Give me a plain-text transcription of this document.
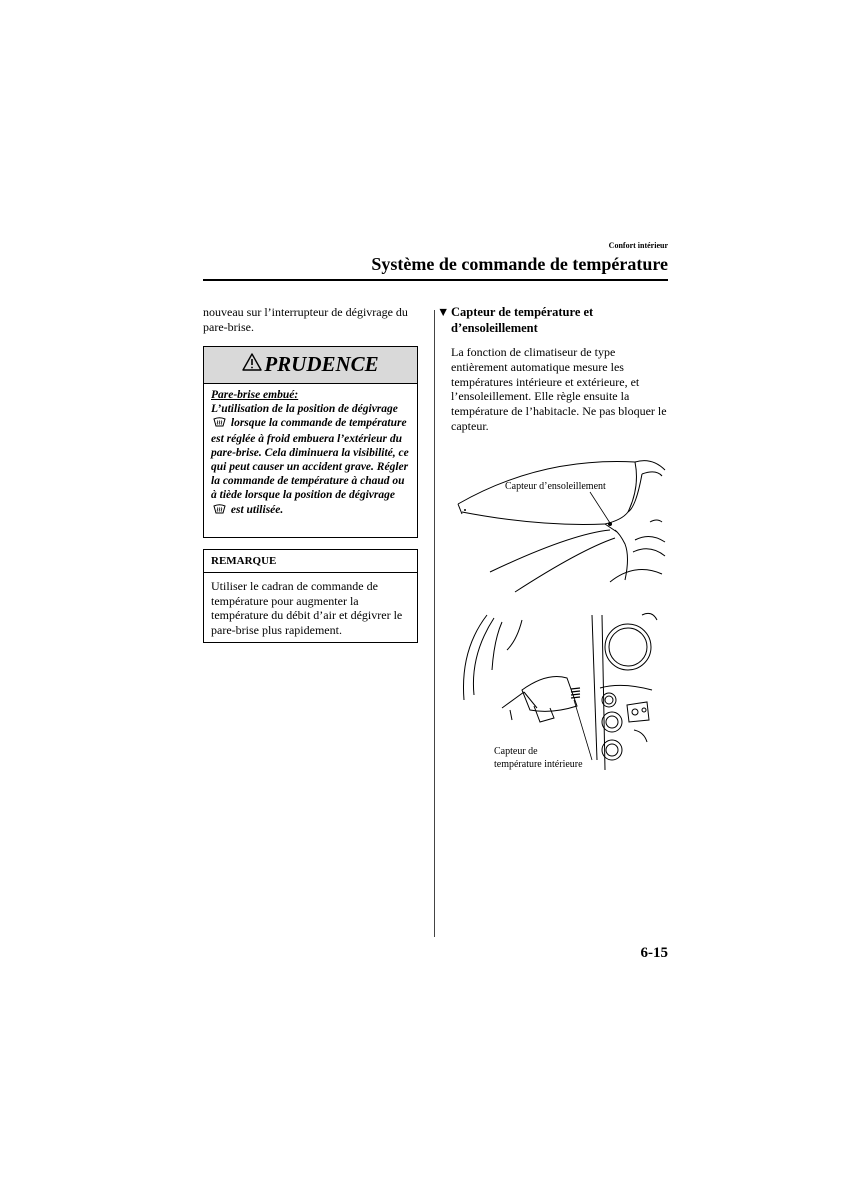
Confort intérieur
Système de commande de température
nouveau sur l’interrupteur de dégivrage du pare-brise.
PRUDENCE
Pare-brise embué:
L’utilisation de la position de dégivrage  lorsque la commande de température est réglée à froid embuera l’extérieur du pare-brise. Cela diminuera la visibilité, ce qui peut causer un accident grave. Régler la commande de température à chaud ou à tiède lorsque la position de dégivrage  est utilisée.
REMARQUE
Utiliser le cadran de commande de température pour augmenter la température du débit d’air et dégivrer le pare-brise plus rapidement.
▼ Capteur de température et d’ensoleillement
La fonction de climatiseur de type entièrement automatique mesure les températures intérieure et extérieure, et l’ensoleillement. Elle règle ensuite la température de l’habitacle. Ne pas bloquer le capteur.
Capteur d’ensoleillement
Capteur de
température intérieure
6-15
